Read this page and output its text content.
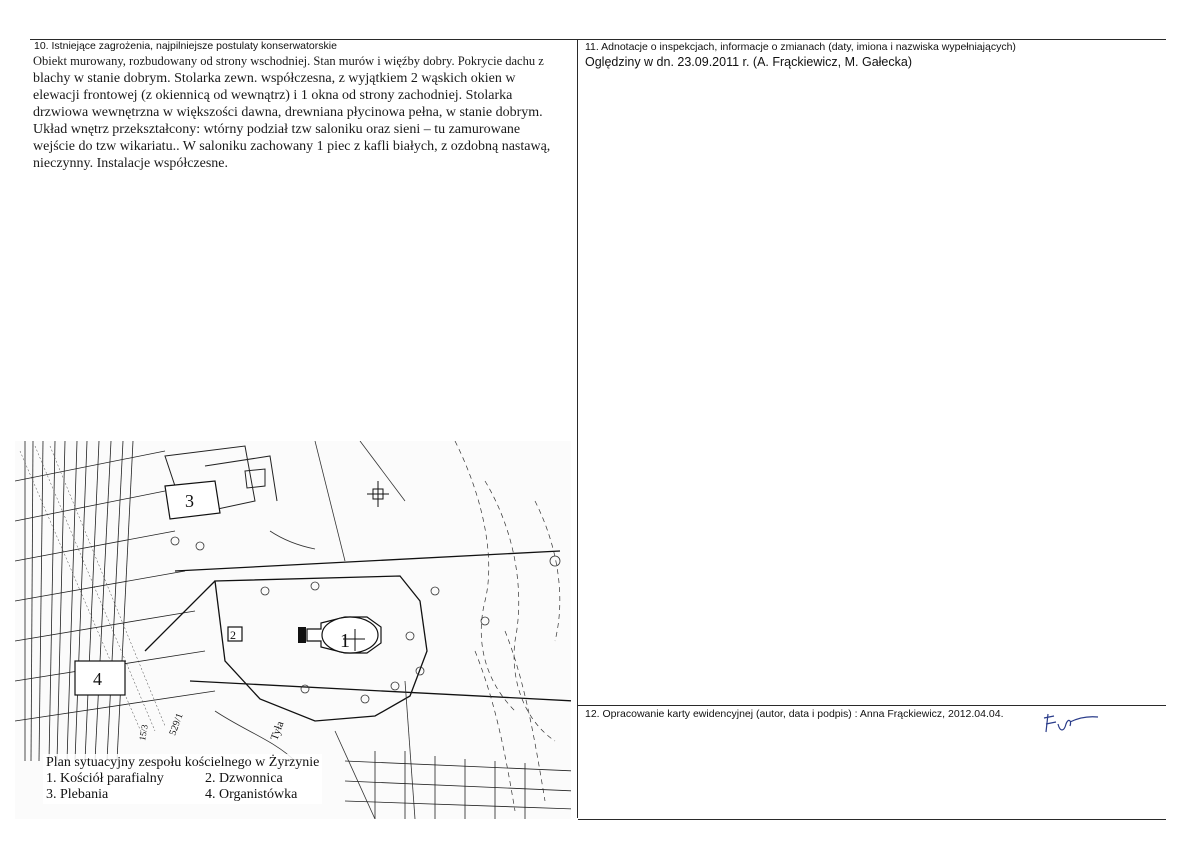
10. Istniejące zagrożenia, najpilniejsze postulaty konserwatorskie
Obiekt murowany, rozbudowany od strony wschodniej. Stan murów i więźby dobry. Pokrycie dachu z
blachy w stanie dobrym. Stolarka zewn. współczesna, z wyjątkiem 2 wąskich okien w
elewacji frontowej (z okiennicą od wewnątrz) i 1 okna od strony zachodniej. Stolarka
drzwiowa wewnętrzna w większości dawna, drewniana płycinowa pełna, w stanie dobrym.
Układ wnętrz przekształcony: wtórny podział tzw saloniku oraz sieni – tu zamurowane
wejście do tzw wikariatu.. W saloniku zachowany 1 piec z kafli białych, z ozdobną nastawą,
nieczynny. Instalacje współczesne.
11. Adnotacje o inspekcjach, informacje o zmianach (daty, imiona i nazwiska wypełniających)
Oględziny w dn. 23.09.2011 r. (A. Frąckiewicz, M. Gałecka)
12. Opracowanie karty ewidencyjnej (autor, data i podpis) : Anna Frąckiewicz, 2012.04.04.
1
2
3
4
Tyła
529/1
15/3
Plan sytuacyjny zespołu kościelnego w Żyrzynie
1. Kościół parafialny	2. Dzwonnica
3. Plebania	4. Organistówka
